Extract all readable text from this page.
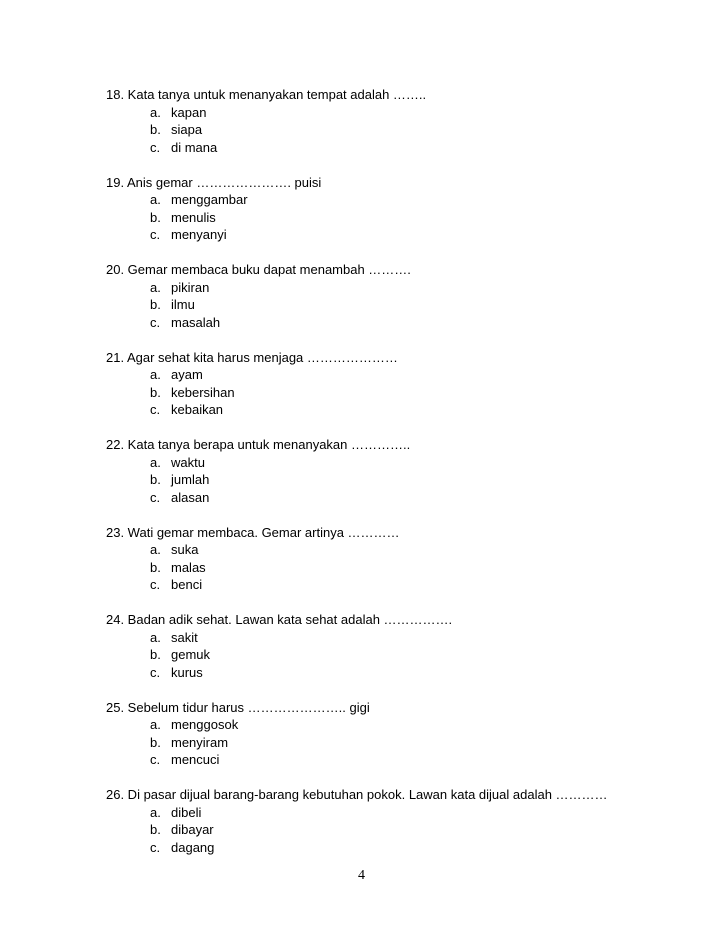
18. Kata tanya untuk menanyakan tempat adalah ……..
a. kapan
b. siapa
c. di mana
19. Anis gemar …………………. puisi
a. menggambar
b. menulis
c. menyanyi
20. Gemar membaca buku dapat menambah ……….
a. pikiran
b. ilmu
c. masalah
21. Agar sehat kita harus menjaga …………………
a. ayam
b. kebersihan
c. kebaikan
22. Kata tanya berapa untuk menanyakan …………..
a. waktu
b. jumlah
c. alasan
23. Wati gemar membaca. Gemar artinya …………
a. suka
b. malas
c. benci
24. Badan adik sehat. Lawan kata sehat adalah …………….
a. sakit
b. gemuk
c. kurus
25. Sebelum tidur harus ………………….. gigi
a. menggosok
b. menyiram
c. mencuci
26. Di pasar dijual barang-barang kebutuhan pokok. Lawan kata dijual adalah …………
a. dibeli
b. dibayar
c. dagang
4
